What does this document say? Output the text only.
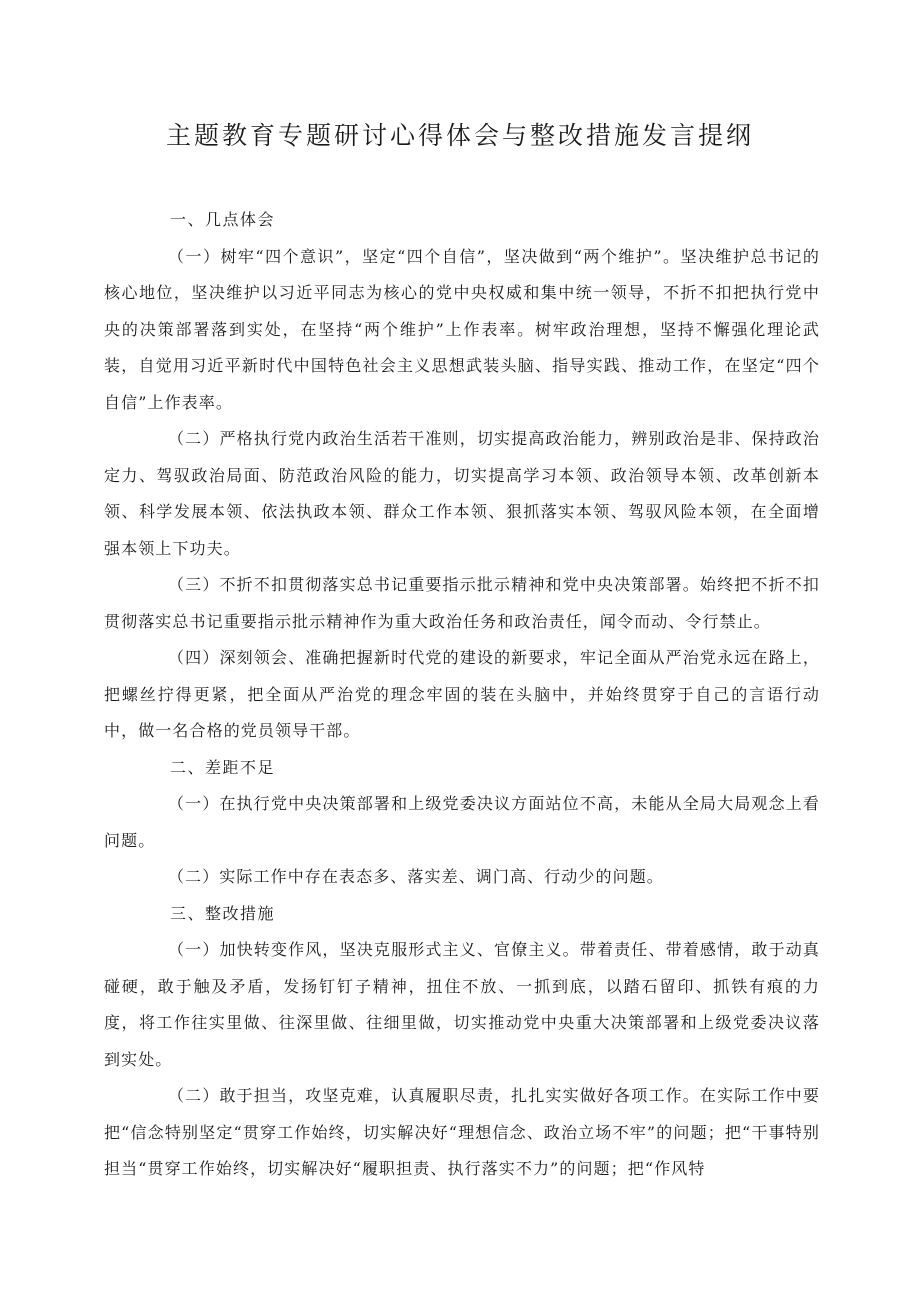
主题教育专题研讨心得体会与整改措施发言提纲

一、几点体会

（一）树牢“四个意识”，坚定“四个自信”，坚决做到“两个维护”。坚决维护总书记的核心地位，坚决维护以习近平同志为核心的党中央权威和集中统一领导，不折不扣把执行党中央的决策部署落到实处，在坚持“两个维护”上作表率。树牢政治理想，坚持不懈强化理论武装，自觉用习近平新时代中国特色社会主义思想武装头脑、指导实践、推动工作，在坚定“四个自信”上作表率。

（二）严格执行党内政治生活若干准则，切实提高政治能力，辨别政治是非、保持政治定力、驾驭政治局面、防范政治风险的能力，切实提高学习本领、政治领导本领、改革创新本领、科学发展本领、依法执政本领、群众工作本领、狠抓落实本领、驾驭风险本领，在全面增强本领上下功夫。

（三）不折不扣贯彻落实总书记重要指示批示精神和党中央决策部署。始终把不折不扣贯彻落实总书记重要指示批示精神作为重大政治任务和政治责任，闻令而动、令行禁止。

（四）深刻领会、准确把握新时代党的建设的新要求，牢记全面从严治党永远在路上，把螺丝拧得更紧，把全面从严治党的理念牢固的装在头脑中，并始终贯穿于自己的言语行动中，做一名合格的党员领导干部。

二、差距不足

（一）在执行党中央决策部署和上级党委决议方面站位不高，未能从全局大局观念上看问题。

（二）实际工作中存在表态多、落实差、调门高、行动少的问题。

三、整改措施

（一）加快转变作风，坚决克服形式主义、官僚主义。带着责任、带着感情，敢于动真碰硬，敢于触及矛盾，发扬钉钉子精神，扭住不放、一抓到底，以踏石留印、抓铁有痕的力度，将工作往实里做、往深里做、往细里做，切实推动党中央重大决策部署和上级党委决议落到实处。

（二）敢于担当，攻坚克难，认真履职尽责，扎扎实实做好各项工作。在实际工作中要把“信念特别坚定“贯穿工作始终，切实解决好“理想信念、政治立场不牢”的问题；把“干事特别担当“贯穿工作始终，切实解决好“履职担责、执行落实不力”的问题；把“作风特
